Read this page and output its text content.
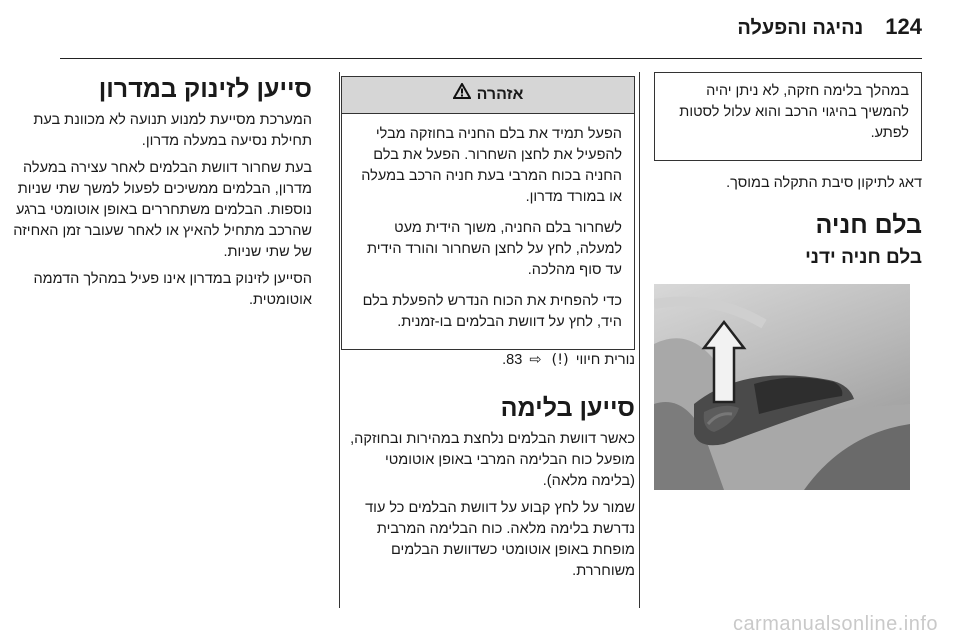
124
נהיגה והפעלה

במהלך בלימה חזקה, לא ניתן יהיה להמשיך בהיגוי הרכב והוא עלול לסטות לפתע.

דאג לתיקון סיבת התקלה במוסך.

בלם חניה
בלם חניה ידני
אזהרה

הפעל תמיד את בלם החניה בחוזקה מבלי להפעיל את לחצן השחרור. הפעל את בלם החניה בכוח המרבי בעת חניה הרכב במעלה או במורד מדרון.

לשחרור בלם החניה, משוך הידית מעט למעלה, לחץ על לחצן השחרור והורד הידית עד סוף מהלכה.

כדי להפחית את הכוח הנדרש להפעלת בלם היד, לחץ על דוושת הבלמים בו-זמנית.

נורית חיווי (!) ⇨ 83.

סייען בלימה

כאשר דוושת הבלמים נלחצת במהירות ובחוזקה, מופעל כוח הבלימה המרבי באופן אוטומטי (בלימה מלאה).

שמור על לחץ קבוע על דוושת הבלמים כל עוד נדרשת בלימה מלאה. כוח הבלימה המרבית מופחת באופן אוטומטי כשדוושת הבלמים משוחררת.

סייען לזינוק במדרון

המערכת מסייעת למנוע תנועה לא מכוונת בעת תחילת נסיעה במעלה מדרון.

בעת שחרור דוושת הבלמים לאחר עצירה במעלה מדרון, הבלמים ממשיכים לפעול למשך שתי שניות נוספות. הבלמים משתחררים באופן אוטומטי ברגע שהרכב מתחיל להאיץ או לאחר שעובר זמן האחיזה של שתי שניות.

הסייען לזינוק במדרון אינו פעיל במהלך הדממה אוטומטית.

carmanualsonline.info
